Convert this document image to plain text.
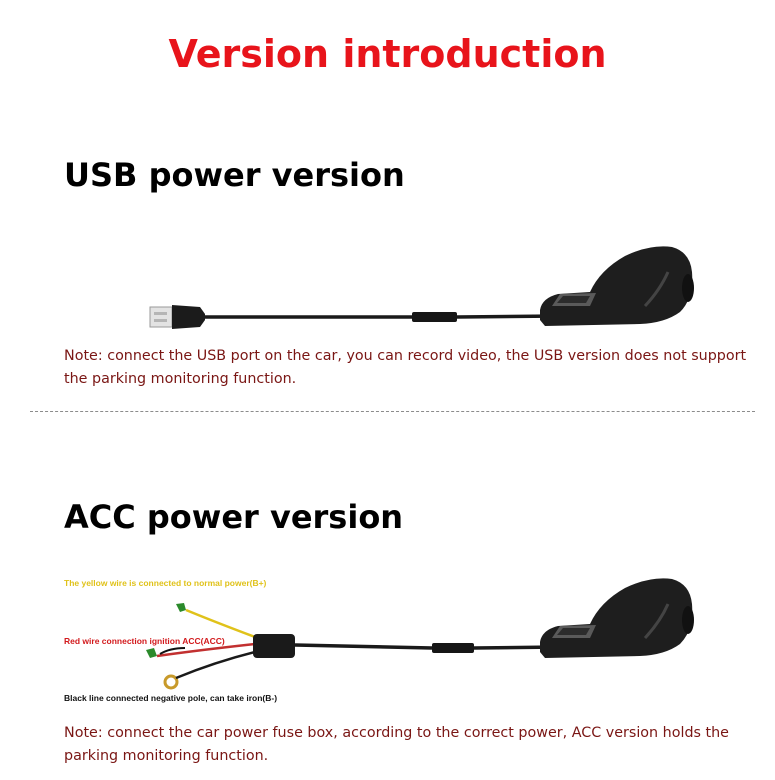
Version introduction
USB power version
Note: connect the USB port on the car, you can record video, the USB version does not support the parking monitoring function.
ACC power version
The yellow wire is connected to normal power(B+)
Red wire connection ignition ACC(ACC)
Black line connected negative pole, can take iron(B-)
Note: connect the car power fuse box, according to the correct power, ACC version holds the parking monitoring function.
